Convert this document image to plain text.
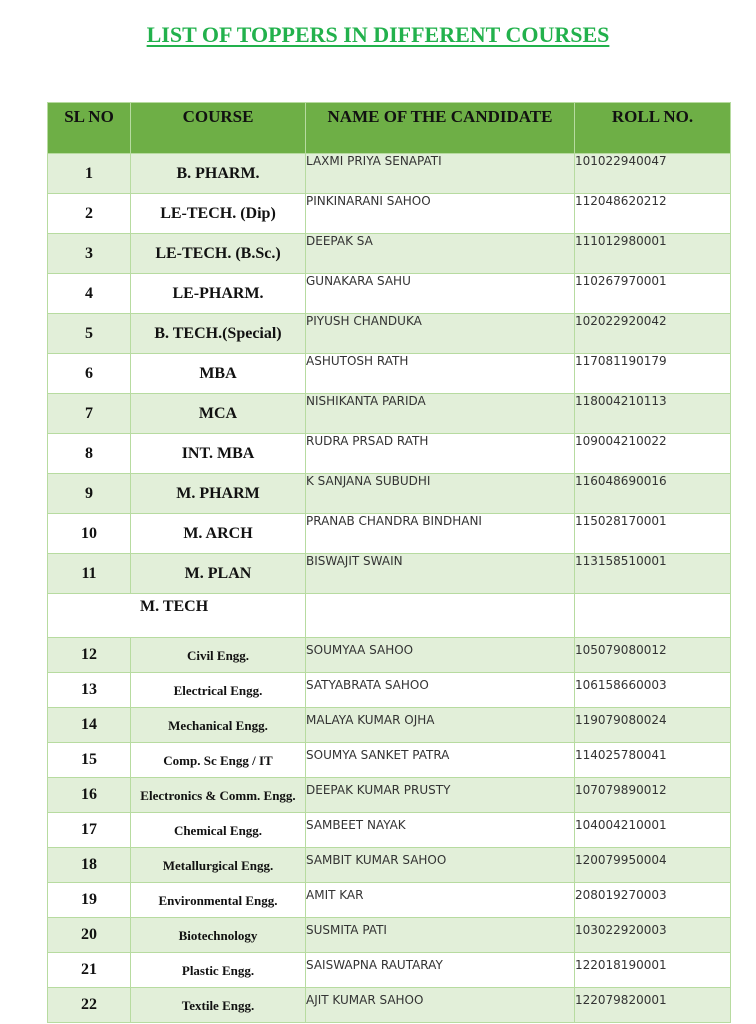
LIST OF TOPPERS IN DIFFERENT COURSES
SL NO	COURSE	NAME OF THE CANDIDATE	ROLL NO.
1	B. PHARM.	LAXMI PRIYA SENAPATI	101022940047
2	LE-TECH. (Dip)	PINKINARANI SAHOO	112048620212
3	LE-TECH. (B.Sc.)	DEEPAK SA	111012980001
4	LE-PHARM.	GUNAKARA SAHU	110267970001
5	B. TECH.(Special)	PIYUSH CHANDUKA	102022920042
6	MBA	ASHUTOSH RATH	117081190179
7	MCA	NISHIKANTA PARIDA	118004210113
8	INT. MBA	RUDRA PRSAD RATH	109004210022
9	M. PHARM	K SANJANA SUBUDHI	116048690016
10	M. ARCH	PRANAB CHANDRA BINDHANI	115028170001
11	M. PLAN	BISWAJIT SWAIN	113158510001
M. TECH			
12	Civil Engg.	SOUMYAA SAHOO	105079080012
13	Electrical Engg.	SATYABRATA SAHOO	106158660003
14	Mechanical Engg.	MALAYA KUMAR OJHA	119079080024
15	Comp. Sc Engg / IT	SOUMYA SANKET PATRA	114025780041
16	Electronics & Comm. Engg.	DEEPAK KUMAR PRUSTY	107079890012
17	Chemical Engg.	SAMBEET NAYAK	104004210001
18	Metallurgical Engg.	SAMBIT KUMAR SAHOO	120079950004
19	Environmental Engg.	AMIT KAR	208019270003
20	Biotechnology	SUSMITA PATI	103022920003
21	Plastic Engg.	SAISWAPNA RAUTARAY	122018190001
22	Textile Engg.	AJIT KUMAR SAHOO	122079820001
